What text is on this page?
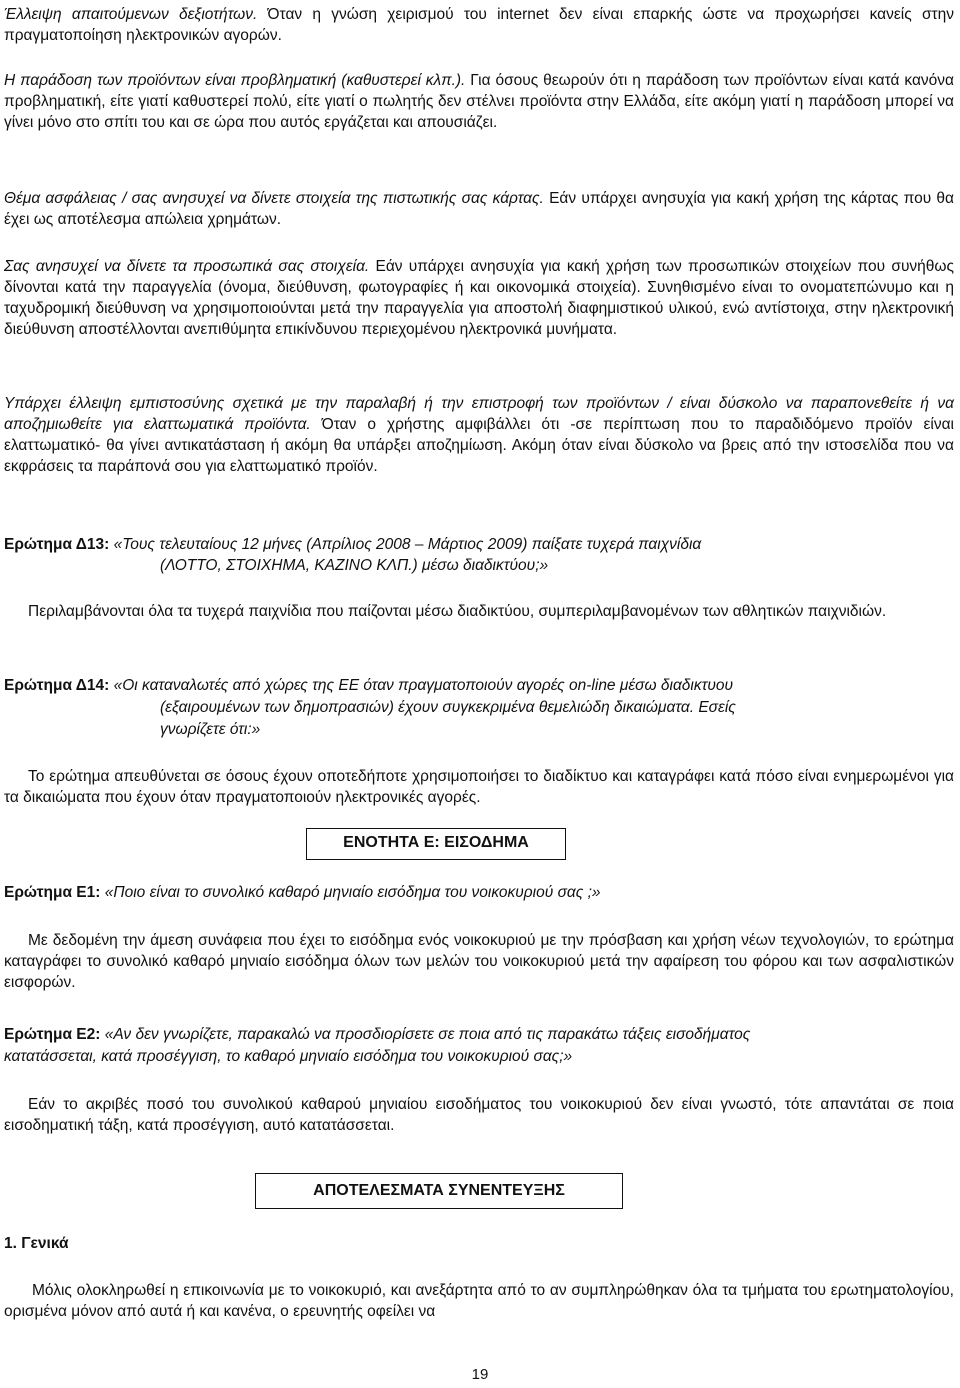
Έλλειψη απαιτούμενων δεξιοτήτων. Όταν η γνώση χειρισμού του internet δεν είναι επαρκής ώστε να προχωρήσει κανείς στην πραγματοποίηση ηλεκτρονικών αγορών.

Η παράδοση των προϊόντων είναι προβληματική (καθυστερεί κλπ.). Για όσους θεωρούν ότι η παράδοση των προϊόντων είναι κατά κανόνα προβληματική, είτε γιατί καθυστερεί πολύ, είτε γιατί ο πωλητής δεν στέλνει προϊόντα στην Ελλάδα, είτε ακόμη γιατί η παράδοση μπορεί να γίνει μόνο στο σπίτι του και σε ώρα που αυτός εργάζεται και απουσιάζει.

Θέμα ασφάλειας / σας ανησυχεί να δίνετε στοιχεία της πιστωτικής σας κάρτας. Εάν υπάρχει ανησυχία για κακή χρήση της κάρτας που θα έχει ως αποτέλεσμα απώλεια χρημάτων.

Σας ανησυχεί να δίνετε τα προσωπικά σας στοιχεία. Εάν υπάρχει ανησυχία για κακή χρήση των προσωπικών στοιχείων που συνήθως δίνονται κατά την παραγγελία (όνομα, διεύθυνση, φωτογραφίες ή και οικονομικά στοιχεία). Συνηθισμένο είναι το ονοματεπώνυμο και η ταχυδρομική διεύθυνση να χρησιμοποιούνται μετά την παραγγελία για αποστολή διαφημιστικού υλικού, ενώ αντίστοιχα, στην ηλεκτρονική διεύθυνση αποστέλλονται ανεπιθύμητα επικίνδυνου περιεχομένου ηλεκτρονικά μυνήματα.

Υπάρχει έλλειψη εμπιστοσύνης σχετικά με την παραλαβή ή την επιστροφή των προϊόντων / είναι δύσκολο να παραπονεθείτε ή να αποζημιωθείτε για ελαττωματικά προϊόντα. Όταν ο χρήστης αμφιβάλλει ότι -σε περίπτωση που το παραδιδόμενο προϊόν είναι ελαττωματικό- θα γίνει αντικατάσταση ή ακόμη θα υπάρξει αποζημίωση. Ακόμη όταν είναι δύσκολο να βρεις από την ιστοσελίδα που να εκφράσεις τα παράπονά σου για ελαττωματικό προϊόν.

Ερώτημα Δ13: «Τους τελευταίους 12 μήνες (Απρίλιος 2008 – Μάρτιος 2009) παίξατε τυχερά παιχνίδια
(ΛΟΤΤΟ, ΣΤΟΙΧΗΜΑ, ΚΑΖΙΝΟ ΚΛΠ.) μέσω διαδικτύου;»

Περιλαμβάνονται όλα τα τυχερά παιχνίδια που παίζονται μέσω διαδικτύου, συμπεριλαμβανομένων των αθλητικών παιχνιδιών.

Ερώτημα Δ14: «Οι καταναλωτές από χώρες της ΕΕ όταν πραγματοποιούν αγορές on-line μέσω διαδικτυου
(εξαιρουμένων των δημοπρασιών) έχουν συγκεκριμένα θεμελιώδη δικαιώματα. Εσείς
γνωρίζετε ότι:»

Το ερώτημα απευθύνεται σε όσους έχουν οποτεδήποτε χρησιμοποιήσει το διαδίκτυο και καταγράφει κατά πόσο είναι ενημερωμένοι για τα δικαιώματα που έχουν όταν πραγματοποιούν ηλεκτρονικές αγορές.

ΕΝΟΤΗΤΑ Ε: ΕΙΣΟΔΗΜΑ
Ερώτημα Ε1: «Ποιο είναι το συνολικό καθαρό μηνιαίο εισόδημα του νοικοκυριού σας ;»

Με δεδομένη την άμεση συνάφεια που έχει το εισόδημα ενός νοικοκυριού με την πρόσβαση και χρήση νέων τεχνολογιών, το ερώτημα καταγράφει το συνολικό καθαρό μηνιαίο εισόδημα όλων των μελών του νοικοκυριού μετά την αφαίρεση του φόρου και των ασφαλιστικών εισφορών.

Ερώτημα Ε2: «Αν δεν γνωρίζετε, παρακαλώ να προσδιορίσετε σε ποια από τις παρακάτω τάξεις εισοδήματος
κατατάσσεται, κατά προσέγγιση, το καθαρό μηνιαίο εισόδημα του νοικοκυριού σας;»

Εάν το ακριβές ποσό του συνολικού καθαρού μηνιαίου εισοδήματος του νοικοκυριού δεν είναι γνωστό, τότε απαντάται σε ποια εισοδηματική τάξη, κατά προσέγγιση, αυτό κατατάσσεται.

ΑΠΟΤΕΛΕΣΜΑΤΑ ΣΥΝΕΝΤΕΥΞΗΣ
1. Γενικά

Μόλις ολοκληρωθεί η επικοινωνία με το νοικοκυριό, και ανεξάρτητα από το αν συμπληρώθηκαν όλα τα τμήματα του ερωτηματολογίου, ορισμένα μόνον από αυτά ή και κανένα, ο ερευνητής οφείλει να

19
